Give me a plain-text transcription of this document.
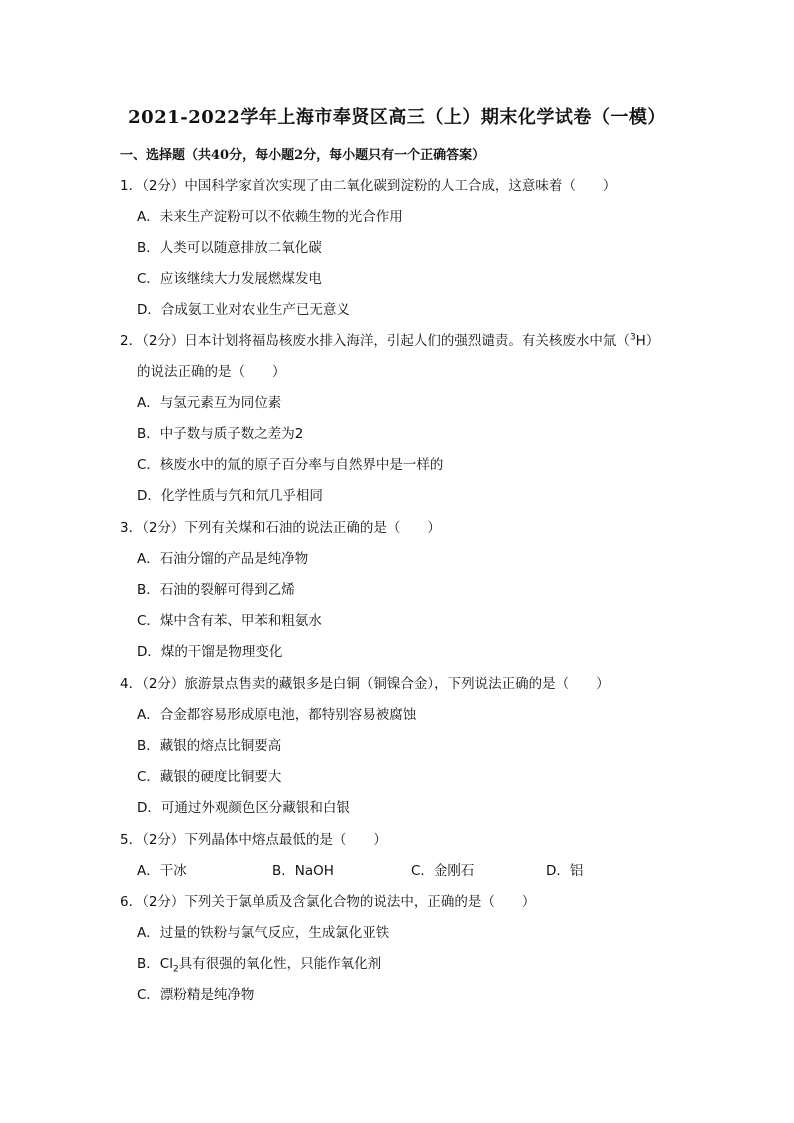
2021-2022学年上海市奉贤区高三（上）期末化学试卷（一模）
一、选择题（共40分，每小题2分，每小题只有一个正确答案）
1．（2分）中国科学家首次实现了由二氧化碳到淀粉的人工合成，这意味着（　　）
A．未来生产淀粉可以不依赖生物的光合作用
B．人类可以随意排放二氧化碳
C．应该继续大力发展燃煤发电
D．合成氨工业对农业生产已无意义
2．（2分）日本计划将福岛核废水排入海洋，引起人们的强烈谴责。有关核废水中氚（$^3$H）
的说法正确的是（　　）
A．与氢元素互为同位素
B．中子数与质子数之差为2
C．核废水中的氚的原子百分率与自然界中是一样的
D．化学性质与氕和氘几乎相同
3．（2分）下列有关煤和石油的说法正确的是（　　）
A．石油分馏的产品是纯净物
B．石油的裂解可得到乙烯
C．煤中含有苯、甲苯和粗氨水
D．煤的干馏是物理变化
4．（2分）旅游景点售卖的藏银多是白铜（铜镍合金），下列说法正确的是（　　）
A．合金都容易形成原电池，都特别容易被腐蚀
B．藏银的熔点比铜要高
C．藏银的硬度比铜要大
D．可通过外观颜色区分藏银和白银
5．（2分）下列晶体中熔点最低的是（　　）
A．干冰	B．NaOH	C．金刚石	D．铝
6．（2分）下列关于氯单质及含氯化合物的说法中，正确的是（　　）
A．过量的铁粉与氯气反应，生成氯化亚铁
B．$Cl_2$具有很强的氧化性，只能作氧化剂
C．漂粉精是纯净物
